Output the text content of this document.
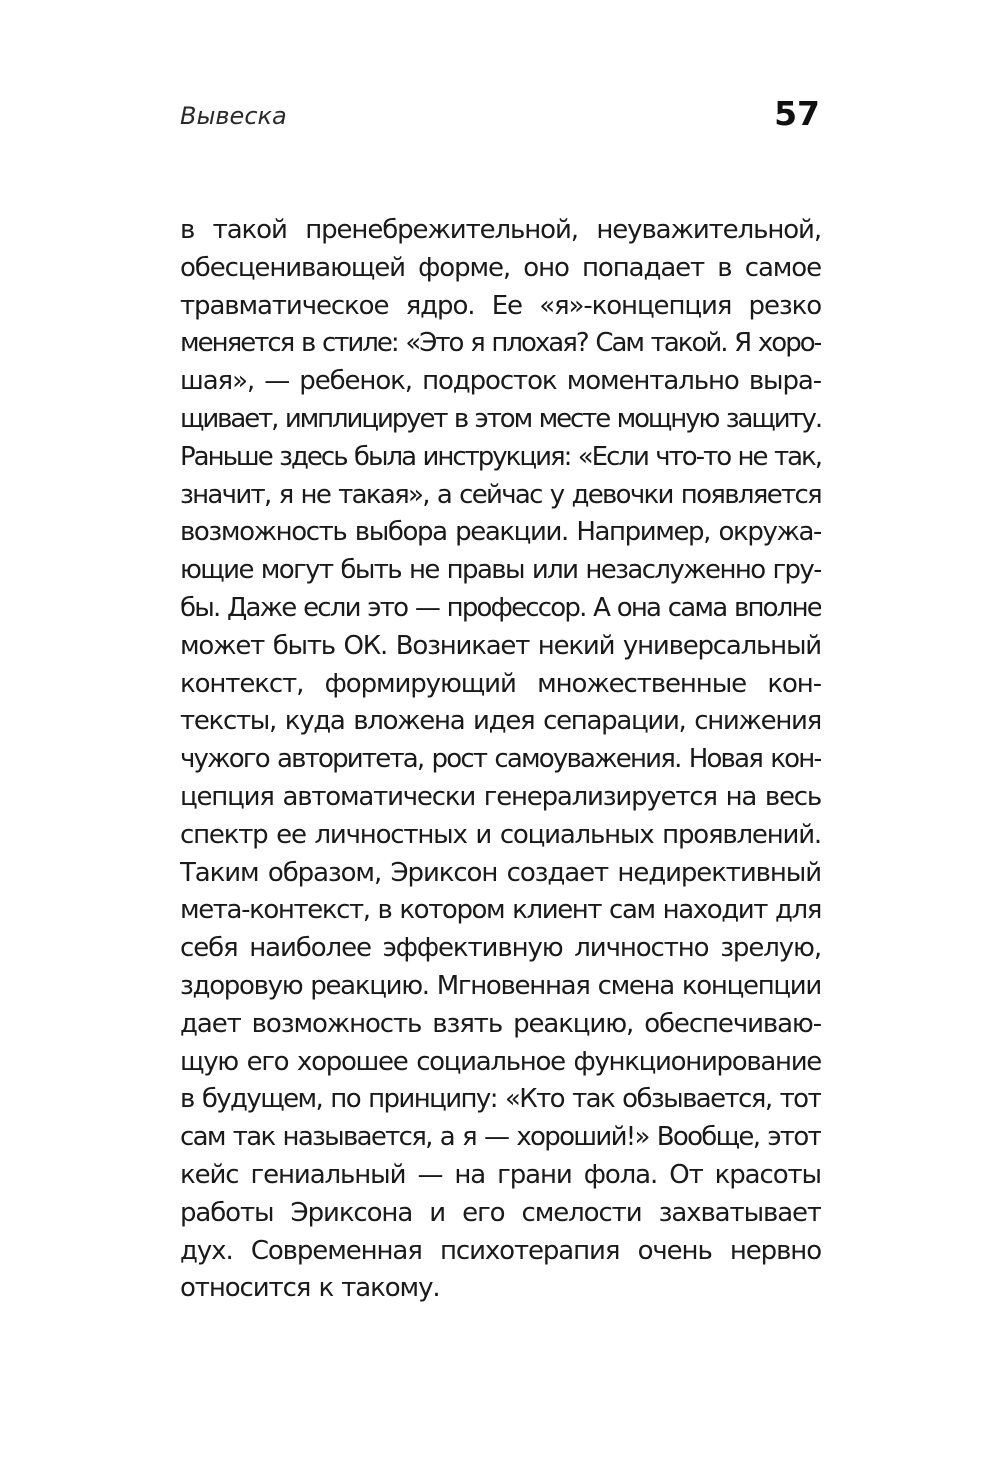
Вывеска	57
в такой пренебрежительной, неуважительной,
обесценивающей форме, оно попадает в самое
травматическое ядро. Ее «я»-концепция резко
меняется в стиле: «Это я плохая? Сам такой. Я хоро-
шая», — ребенок, подросток моментально выра-
щивает, имплицирует в этом месте мощную защиту.
Раньше здесь была инструкция: «Если что-то не так,
значит, я не такая», а сейчас у девочки появляется
возможность выбора реакции. Например, окружа-
ющие могут быть не правы или незаслуженно гру-
бы. Даже если это — профессор. А она сама вполне
может быть ОК. Возникает некий универсальный
контекст, формирующий множественные кон-
тексты, куда вложена идея сепарации, снижения
чужого авторитета, рост самоуважения. Новая кон-
цепция автоматически генерализируется на весь
спектр ее личностных и социальных проявлений.
Таким образом, Эриксон создает недирективный
мета-контекст, в котором клиент сам находит для
себя наиболее эффективную личностно зрелую,
здоровую реакцию. Мгновенная смена концепции
дает возможность взять реакцию, обеспечиваю-
щую его хорошее социальное функционирование
в будущем, по принципу: «Кто так обзывается, тот
сам так называется, а я — хороший!» Вообще, этот
кейс гениальный — на грани фола. От красоты
работы Эриксона и его смелости захватывает
дух. Современная психотерапия очень нервно
относится к такому.
